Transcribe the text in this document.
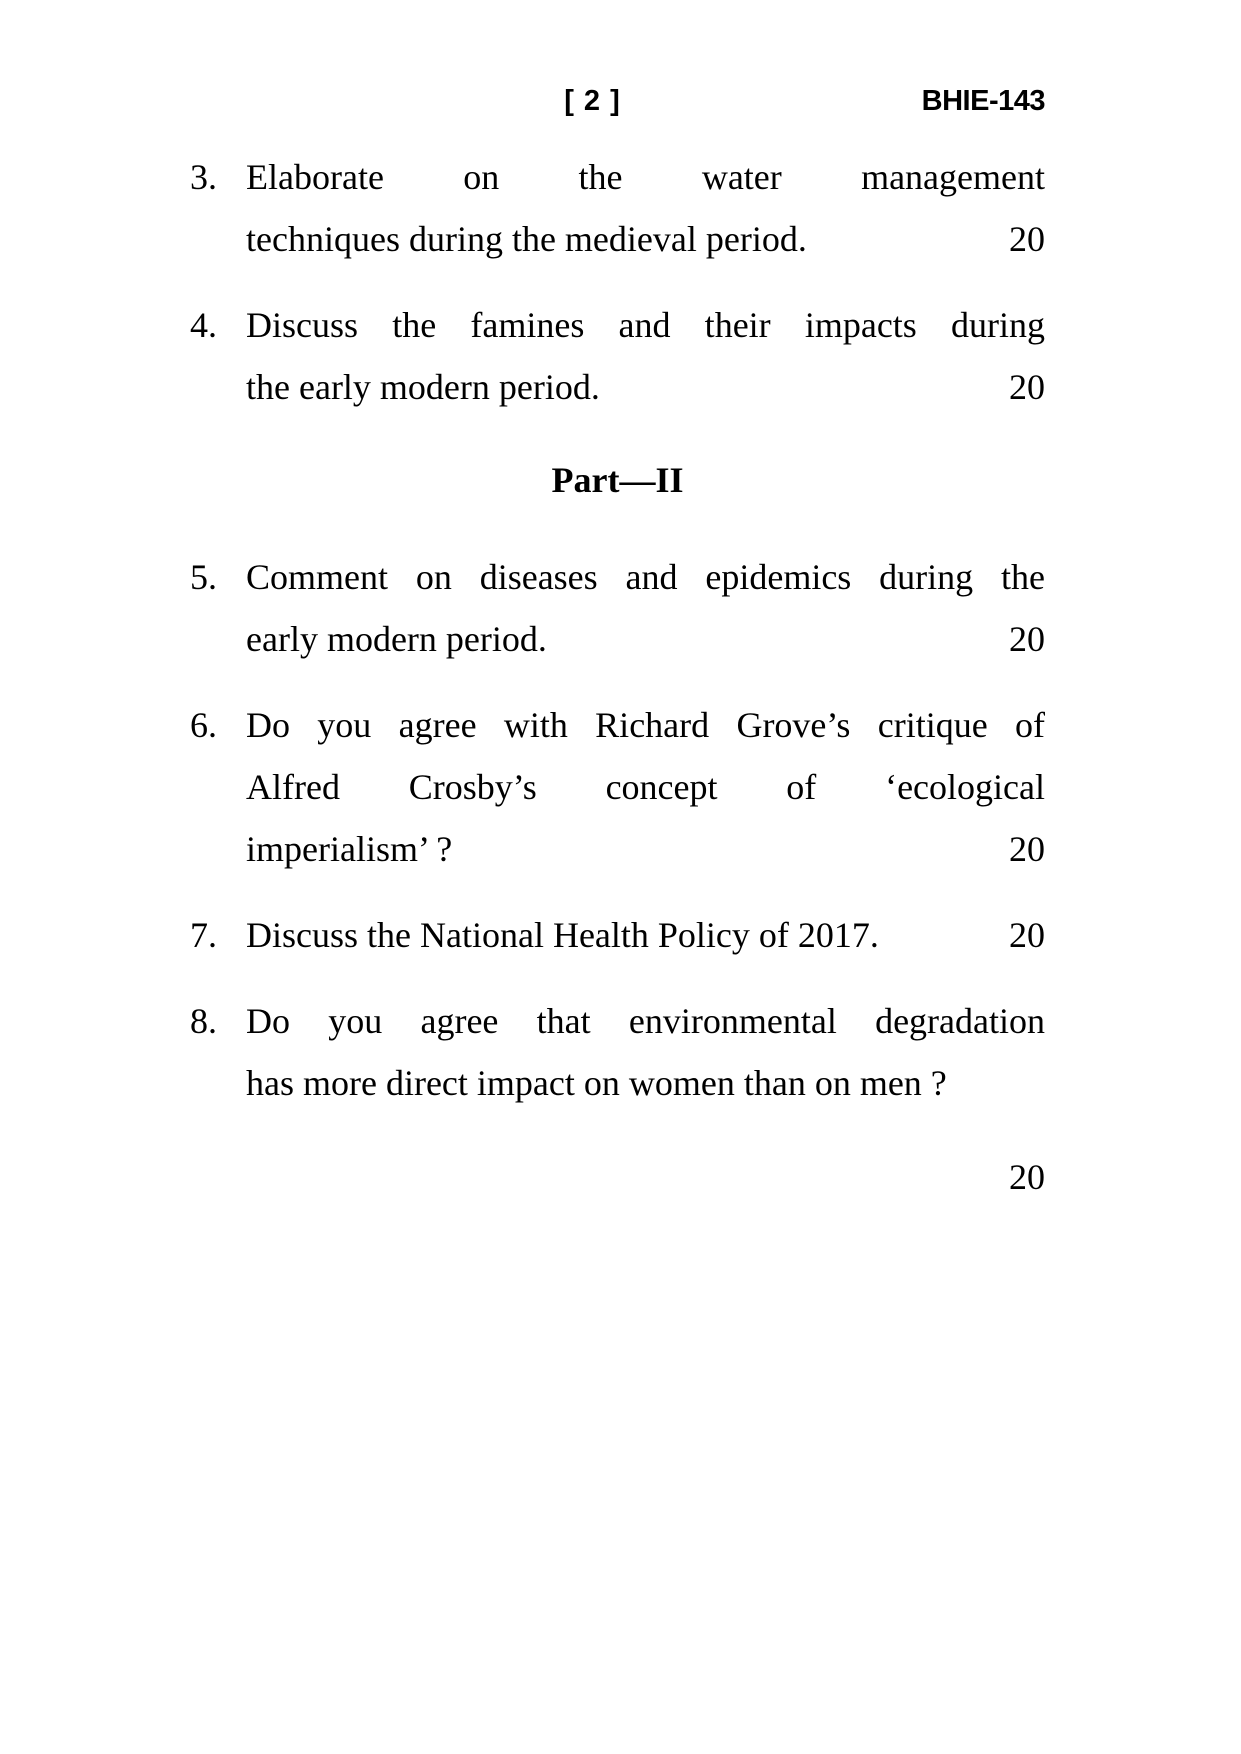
[ 2 ]	BHIE-143
3. Elaborate on the water management
techniques during the medieval period.	20
4. Discuss the famines and their impacts during
the early modern period.	20
Part—II
5. Comment on diseases and epidemics during the
early modern period.	20
6. Do you agree with Richard Grove’s critique of
Alfred Crosby’s concept of ‘ecological
imperialism’ ?	20
7. Discuss the National Health Policy of 2017.	20
8. Do you agree that environmental degradation
has more direct impact on women than on men ?
20
